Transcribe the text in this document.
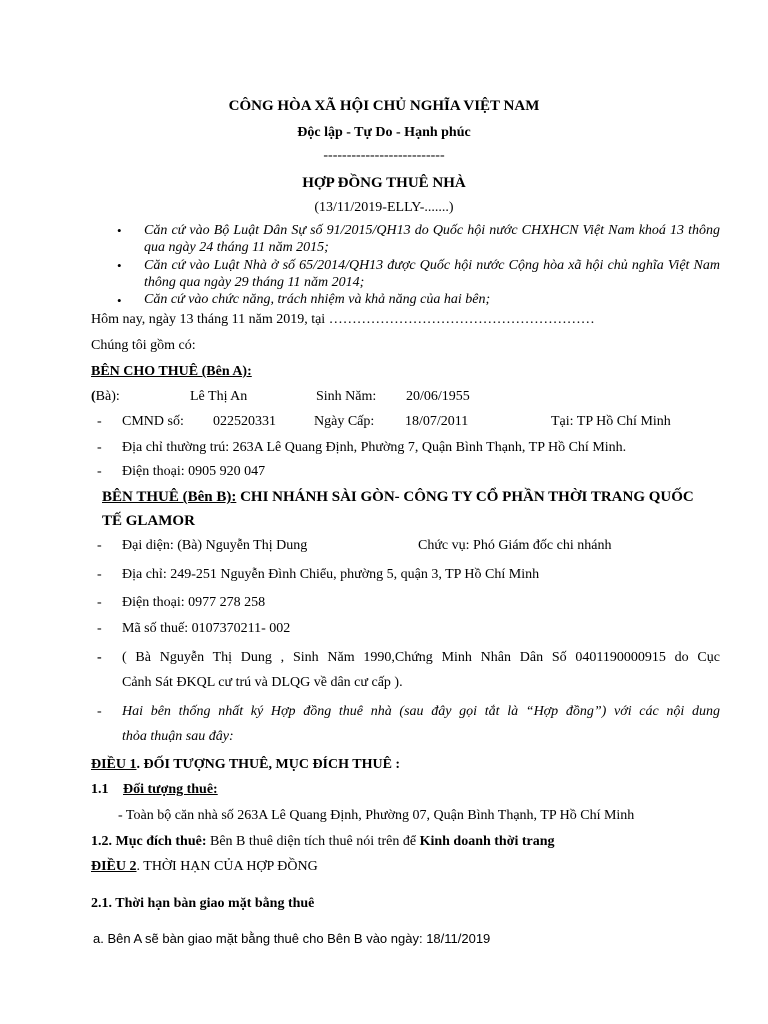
CÔNG HÒA XÃ HỘI CHỦ NGHĨA VIỆT NAM
Độc lập - Tự Do - Hạnh phúc
--------------------------
HỢP ĐỒNG THUÊ NHÀ
(13/11/2019-ELLY-.......)
• Căn cứ vào Bộ Luật Dân Sự số 91/2015/QH13 do Quốc hội nước CHXHCN Việt Nam khoá 13 thông qua ngày 24 tháng 11 năm 2015;
• Căn cứ vào Luật Nhà ở số 65/2014/QH13 được Quốc hội nước Cộng hòa xã hội chủ nghĩa Việt Nam thông qua ngày 29 tháng 11 năm 2014;
• Căn cứ vào chức năng, trách nhiệm và khả năng của hai bên;
Hôm nay, ngày 13 tháng 11 năm 2019, tại …………………………………………………
Chúng tôi gồm có:
BÊN CHO THUÊ (Bên A):
(Bà):	Lê Thị An	Sinh Năm: 20/06/1955
- CMND số: 022520331	Ngày Cấp: 18/07/2011	Tại: TP Hồ Chí Minh
- Địa chỉ thường trú: 263A Lê Quang Định, Phường 7, Quận Bình Thạnh, TP Hồ Chí Minh.
- Điện thoại: 0905 920 047
BÊN THUÊ (Bên B): CHI NHÁNH SÀI GÒN- CÔNG TY CỔ PHẦN THỜI TRANG QUỐC
TẾ GLAMOR
- Đại diện: (Bà) Nguyễn Thị Dung	Chức vụ: Phó Giám đốc chi nhánh
- Địa chỉ: 249-251 Nguyễn Đình Chiểu, phường 5, quận 3, TP Hồ Chí Minh
- Điện thoại: 0977 278 258
- Mã số thuế: 0107370211- 002
- ( Bà Nguyễn Thị Dung , Sinh Năm 1990,Chứng Minh Nhân Dân Số 0401190000915 do Cục
Cảnh Sát ĐKQL cư trú và DLQG về dân cư cấp ).
- Hai bên thống nhất ký Hợp đồng thuê nhà (sau đây gọi tắt là “Hợp đồng”) với các nội dung
thỏa thuận sau đây:
ĐIỀU 1. ĐỐI TƯỢNG THUÊ, MỤC ĐÍCH THUÊ :
1.1 Đối tượng thuê:
- Toàn bộ căn nhà số 263A Lê Quang Định, Phường 07, Quận Bình Thạnh, TP Hồ Chí Minh
1.2. Mục đích thuê: Bên B thuê diện tích thuê nói trên để Kinh doanh thời trang
ĐIỀU 2. THỜI HẠN CỦA HỢP ĐỒNG
2.1. Thời hạn bàn giao mặt bằng thuê
a. Bên A sẽ bàn giao mặt bằng thuê cho Bên B vào ngày: 18/11/2019
